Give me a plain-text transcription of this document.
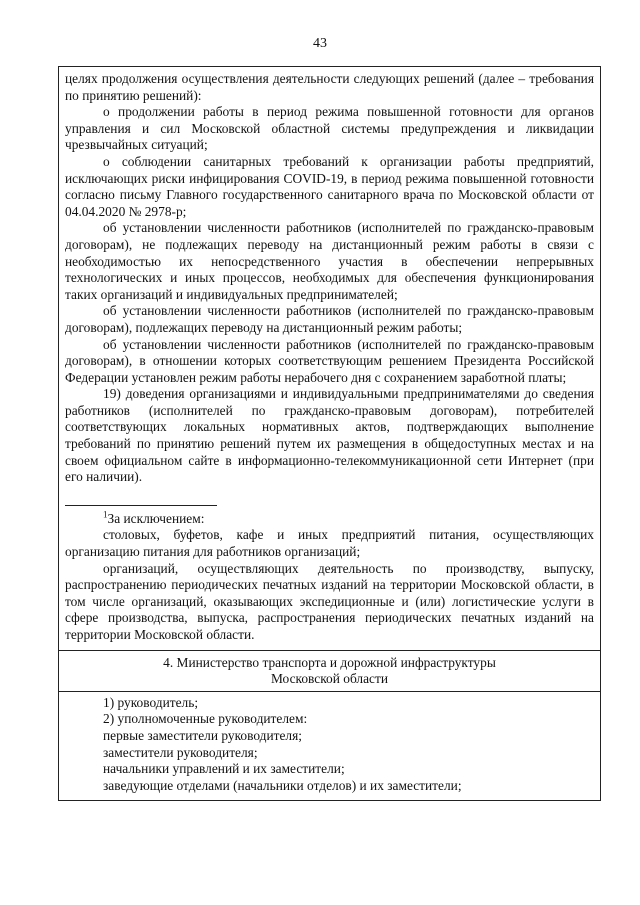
43

целях продолжения осуществления деятельности следующих решений (далее – требования по принятию решений):

о продолжении работы в период режима повышенной готовности для органов управления и сил Московской областной системы предупреждения и ликвидации чрезвычайных ситуаций;

о соблюдении санитарных требований к организации работы предприятий, исключающих риски инфицирования COVID-19, в период режима повышенной готовности согласно письму Главного государственного санитарного врача по Московской области от 04.04.2020 № 2978-р;

об установлении численности работников (исполнителей по гражданско-правовым договорам), не подлежащих переводу на дистанционный режим работы в связи с необходимостью их непосредственного участия в обеспечении непрерывных технологических и иных процессов, необходимых для обеспечения функционирования таких организаций и индивидуальных предпринимателей;

об установлении численности работников (исполнителей по гражданско-правовым договорам), подлежащих переводу на дистанционный режим работы;

об установлении численности работников (исполнителей по гражданско-правовым договорам), в отношении которых соответствующим решением Президента Российской Федерации установлен режим работы нерабочего дня с сохранением заработной платы;

19) доведения организациями и индивидуальными предпринимателями до сведения работников (исполнителей по гражданско-правовым договорам), потребителей соответствующих локальных нормативных актов, подтверждающих выполнение требований по принятию решений путем их размещения в общедоступных местах и на своем официальном сайте в информационно-телекоммуникационной сети Интернет (при его наличии).

$^1$За исключением:

столовых, буфетов, кафе и иных предприятий питания, осуществляющих организацию питания для работников организаций;

организаций, осуществляющих деятельность по производству, выпуску, распространению периодических печатных изданий на территории Московской области, в том числе организаций, оказывающих экспедиционные и (или) логистические услуги в сфере производства, выпуска, распространения периодических печатных изданий на территории Московской области.

4. Министерство транспорта и дорожной инфраструктуры
Московской области
1) руководитель;
2) уполномоченные руководителем:
первые заместители руководителя;
заместители руководителя;
начальники управлений и их заместители;
заведующие отделами (начальники отделов) и их заместители;
